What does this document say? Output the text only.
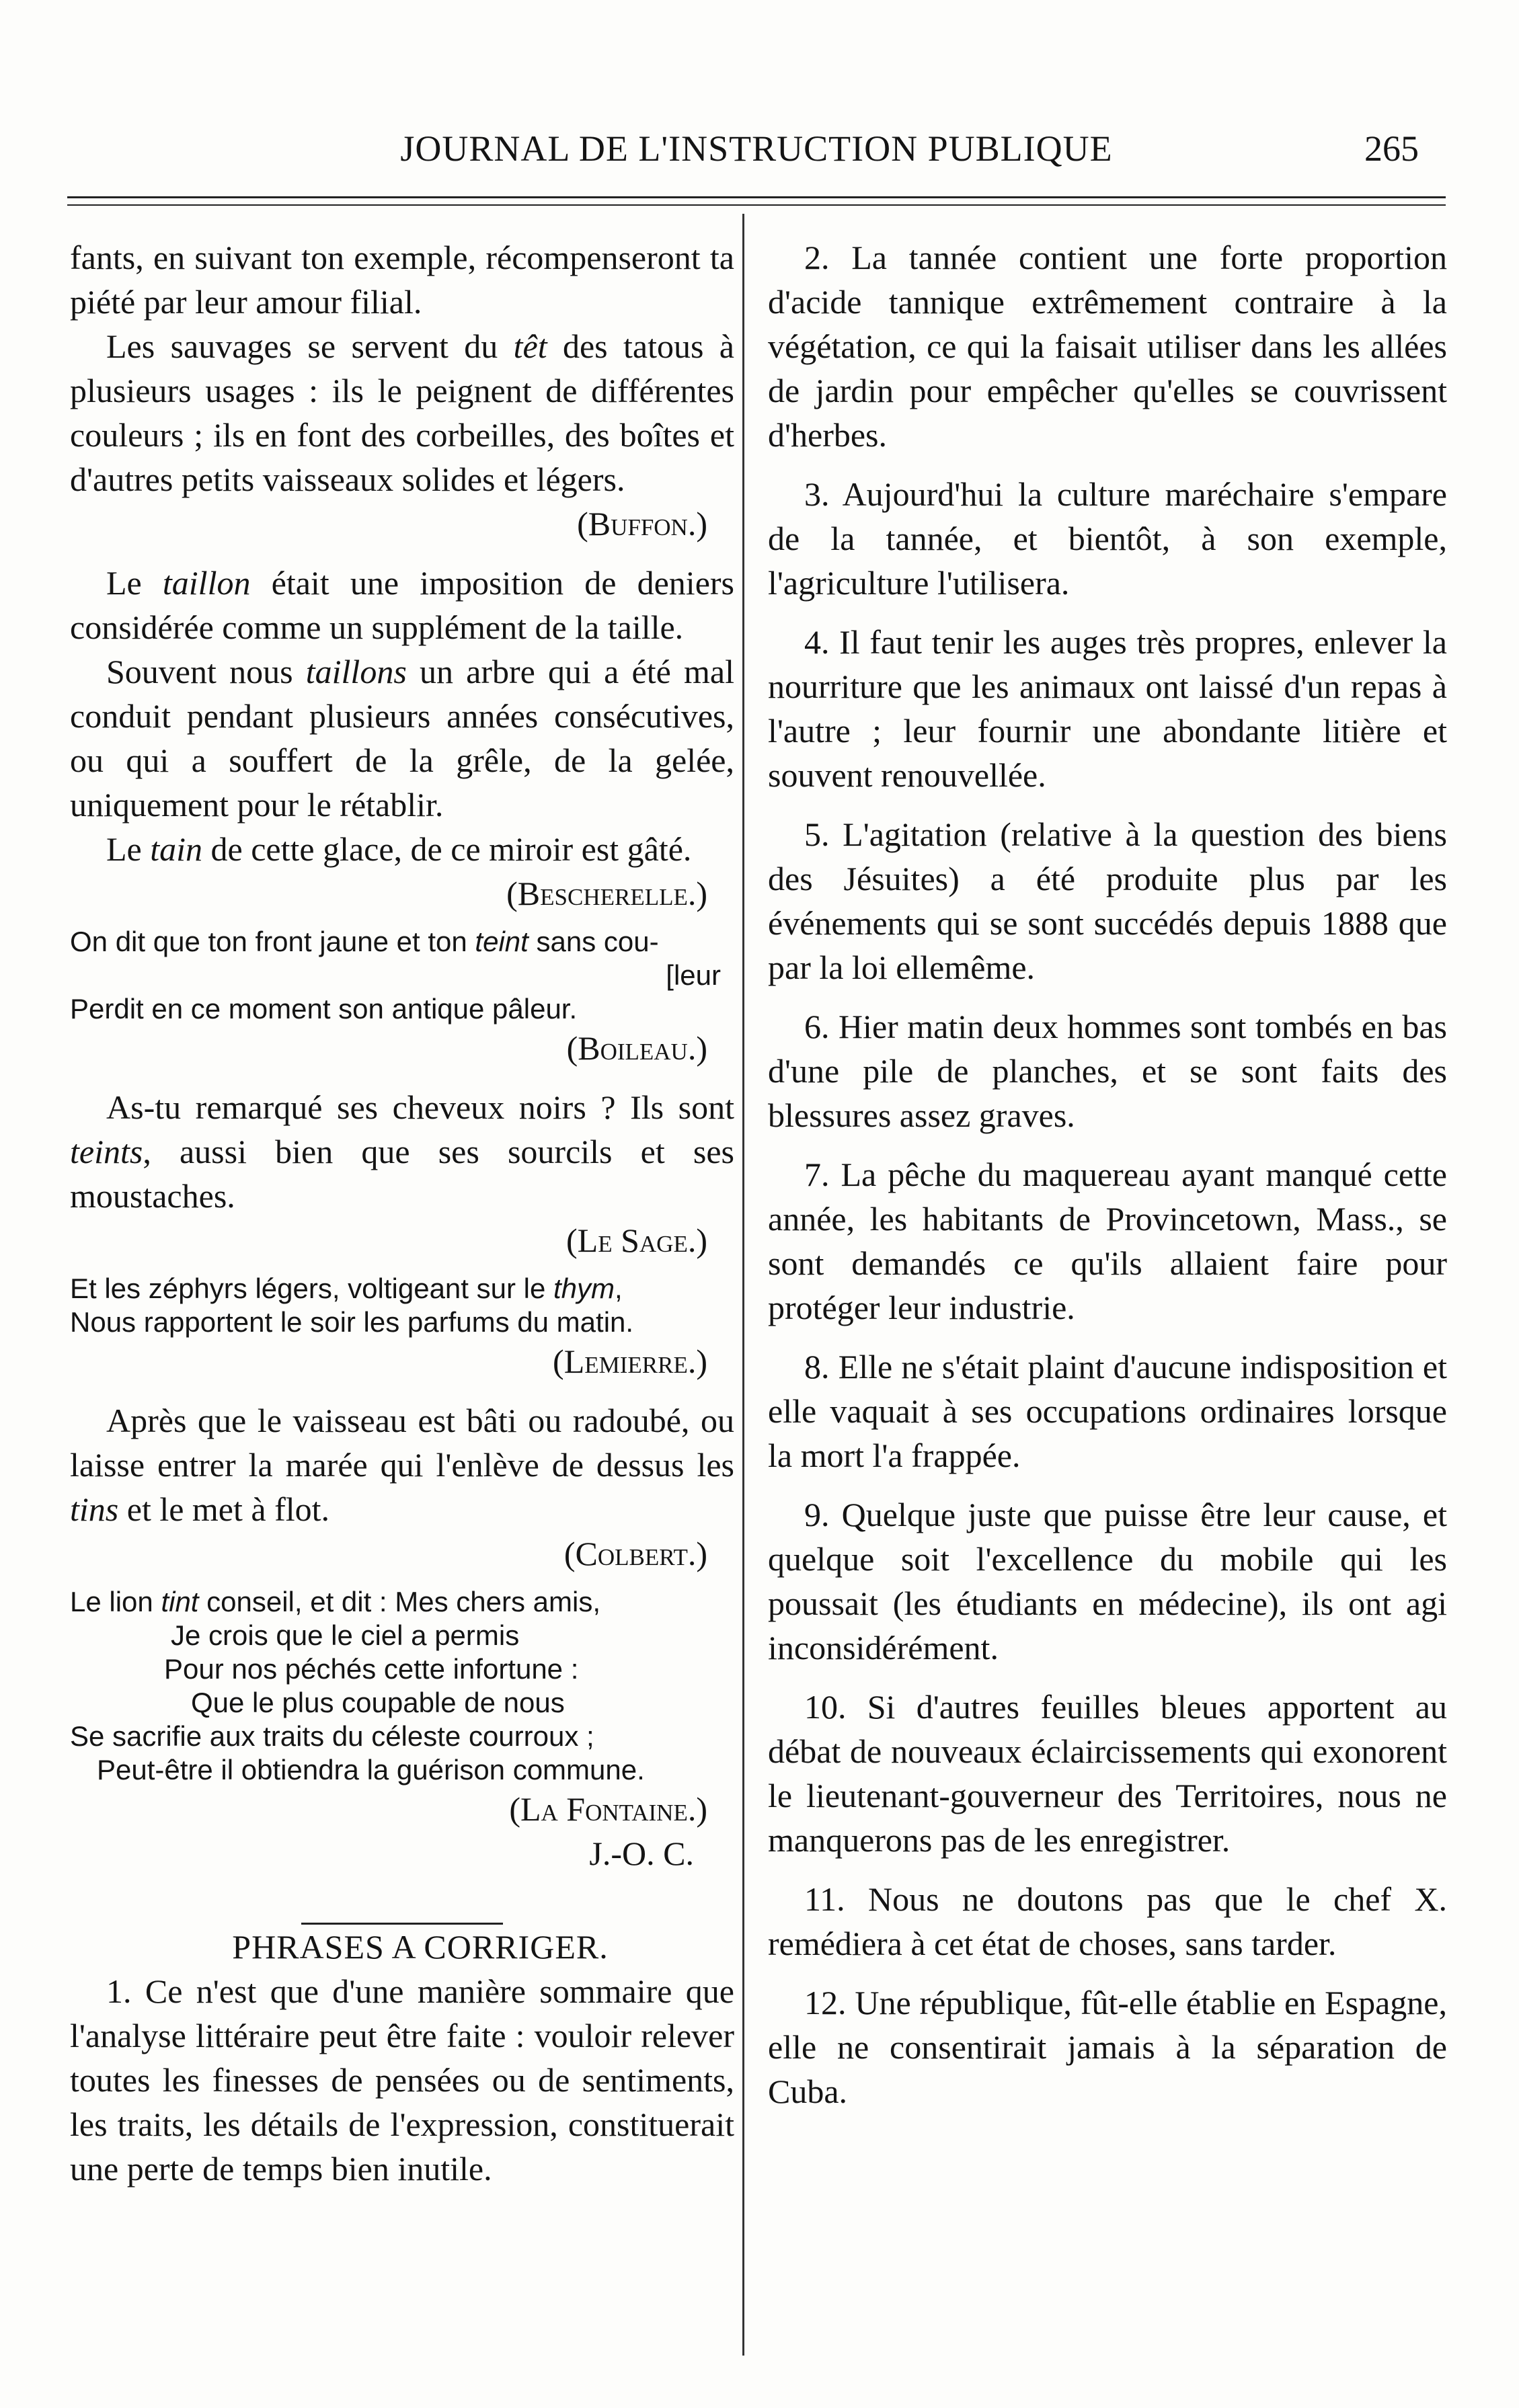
JOURNAL DE L'INSTRUCTION PUBLIQUE	265

fants, en suivant ton exemple, récompenseront ta piété par leur amour filial.

Les sauvages se servent du têt des tatous à plusieurs usages : ils le peignent de différentes couleurs ; ils en font des corbeilles, des boîtes et d'autres petits vaisseaux solides et légers.

(Buffon.)

Le taillon était une imposition de deniers considérée comme un supplément de la taille.

Souvent nous taillons un arbre qui a été mal conduit pendant plusieurs années consécutives, ou qui a souffert de la grêle, de la gelée, uniquement pour le rétablir.

Le tain de cette glace, de ce miroir est gâté.

(Bescherelle.)

On dit que ton front jaune et ton teint sans cou-
[leur
Perdit en ce moment son antique pâleur.

(Boileau.)

As-tu remarqué ses cheveux noirs ? Ils sont teints, aussi bien que ses sourcils et ses moustaches.

(Le Sage.)

Et les zéphyrs légers, voltigeant sur le thym,
Nous rapportent le soir les parfums du matin.

(Lemierre.)

Après que le vaisseau est bâti ou radoubé, ou laisse entrer la marée qui l'enlève de dessus les tins et le met à flot.

(Colbert.)

Le lion tint conseil, et dit : Mes chers amis,
Je crois que le ciel a permis
Pour nos péchés cette infortune :
Que le plus coupable de nous
Se sacrifie aux traits du céleste courroux ;
Peut-être il obtiendra la guérison commune.

(La Fontaine.)

J.-O. C.

PHRASES A CORRIGER.

1. Ce n'est que d'une manière sommaire que l'analyse littéraire peut être faite : vouloir relever toutes les finesses de pensées ou de sentiments, les traits, les détails de l'expression, constituerait une perte de temps bien inutile.

2. La tannée contient une forte proportion d'acide tannique extrêmement contraire à la végétation, ce qui la faisait utiliser dans les allées de jardin pour empêcher qu'elles se couvrissent d'herbes.

3. Aujourd'hui la culture maréchaire s'empare de la tannée, et bientôt, à son exemple, l'agriculture l'utilisera.

4. Il faut tenir les auges très propres, enlever la nourriture que les animaux ont laissé d'un repas à l'autre ; leur fournir une abondante litière et souvent renouvellée.

5. L'agitation (relative à la question des biens des Jésuites) a été produite plus par les événements qui se sont succédés depuis 1888 que par la loi ellemême.

6. Hier matin deux hommes sont tombés en bas d'une pile de planches, et se sont faits des blessures assez graves.

7. La pêche du maquereau ayant manqué cette année, les habitants de Provincetown, Mass., se sont demandés ce qu'ils allaient faire pour protéger leur industrie.

8. Elle ne s'était plaint d'aucune indisposition et elle vaquait à ses occupations ordinaires lorsque la mort l'a frappée.

9. Quelque juste que puisse être leur cause, et quelque soit l'excellence du mobile qui les poussait (les étudiants en médecine), ils ont agi inconsidérément.

10. Si d'autres feuilles bleues apportent au débat de nouveaux éclaircissements qui exonorent le lieutenant-gouverneur des Territoires, nous ne manquerons pas de les enregistrer.

11. Nous ne doutons pas que le chef X. remédiera à cet état de choses, sans tarder.

12. Une république, fût-elle établie en Espagne, elle ne consentirait jamais à la séparation de Cuba.
